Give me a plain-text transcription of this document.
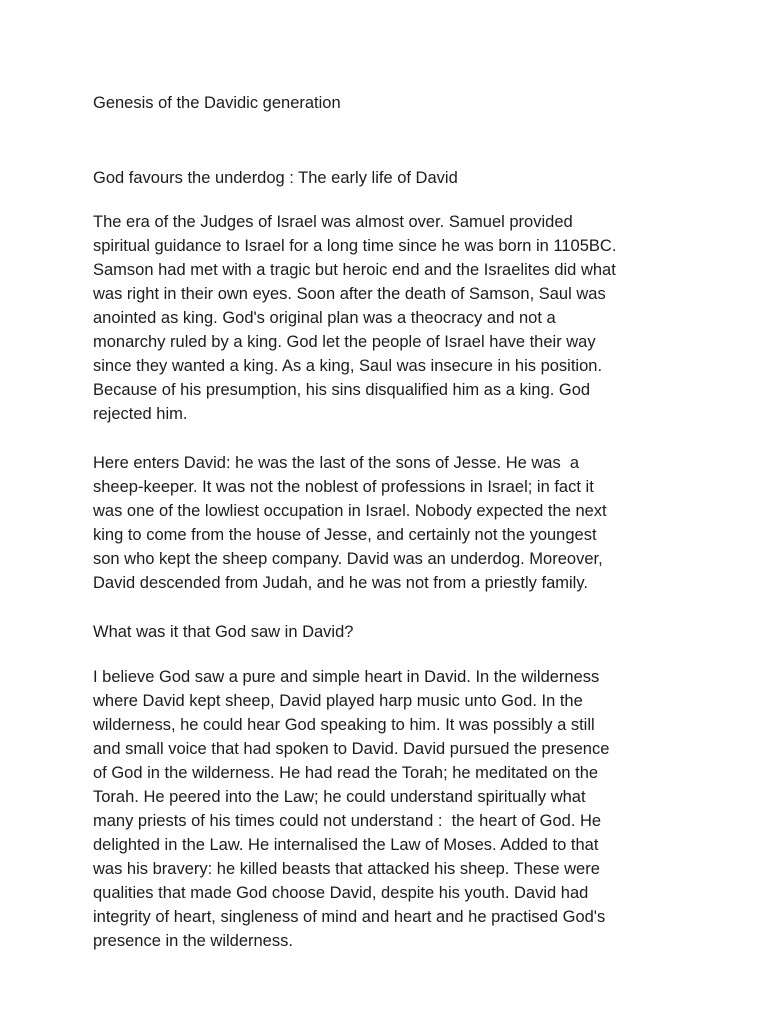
Genesis of the Davidic generation
God favours the underdog : The early life of David

The era of the Judges of Israel was almost over. Samuel provided
spiritual guidance to Israel for a long time since he was born in 1105BC.
Samson had met with a tragic but heroic end and the Israelites did what
was right in their own eyes. Soon after the death of Samson, Saul was
anointed as king. God's original plan was a theocracy and not a
monarchy ruled by a king. God let the people of Israel have their way
since they wanted a king. As a king, Saul was insecure in his position.
Because of his presumption, his sins disqualified him as a king. God
rejected him.

Here enters David: he was the last of the sons of Jesse. He was  a
sheep-keeper. It was not the noblest of professions in Israel; in fact it
was one of the lowliest occupation in Israel. Nobody expected the next
king to come from the house of Jesse, and certainly not the youngest
son who kept the sheep company. David was an underdog. Moreover,
David descended from Judah, and he was not from a priestly family.

What was it that God saw in David?

I believe God saw a pure and simple heart in David. In the wilderness
where David kept sheep, David played harp music unto God. In the
wilderness, he could hear God speaking to him. It was possibly a still
and small voice that had spoken to David. David pursued the presence
of God in the wilderness. He had read the Torah; he meditated on the
Torah. He peered into the Law; he could understand spiritually what
many priests of his times could not understand :  the heart of God. He
delighted in the Law. He internalised the Law of Moses. Added to that
was his bravery: he killed beasts that attacked his sheep. These were
qualities that made God choose David, despite his youth. David had
integrity of heart, singleness of mind and heart and he practised God's
presence in the wilderness.
